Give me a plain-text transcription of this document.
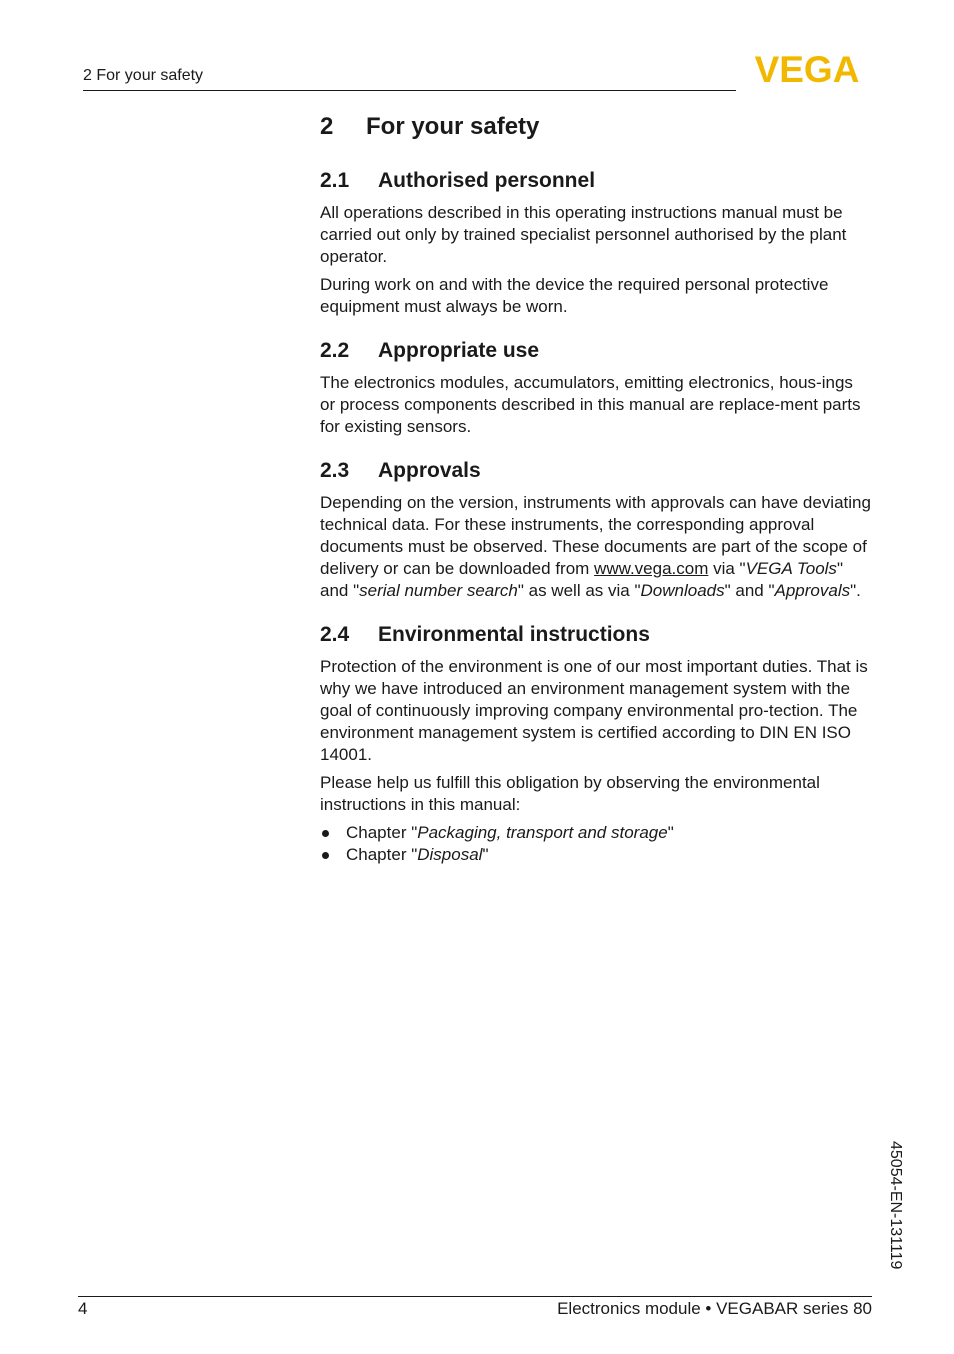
2 For your safety	VEGA
2 For your safety
2.1 Authorised personnel

All operations described in this operating instructions manual must be carried out only by trained specialist personnel authorised by the plant operator.

During work on and with the device the required personal protective equipment must always be worn.

2.2 Appropriate use

The electronics modules, accumulators, emitting electronics, hous-ings or process components described in this manual are replace-ment parts for existing sensors.

2.3 Approvals

Depending on the version, instruments with approvals can have deviating technical data. For these instruments, the corresponding approval documents must be observed. These documents are part of the scope of delivery or can be downloaded from www.vega.com via "VEGA Tools" and "serial number search" as well as via "Downloads" and "Approvals".

2.4 Environmental instructions

Protection of the environment is one of our most important duties. That is why we have introduced an environment management system with the goal of continuously improving company environmental pro-tection. The environment management system is certified according to DIN EN ISO 14001.

Please help us fulfill this obligation by observing the environmental instructions in this manual:

Chapter "Packaging, transport and storage"
Chapter "Disposal"
45054-EN-131119
4	Electronics module • VEGABAR series 80
